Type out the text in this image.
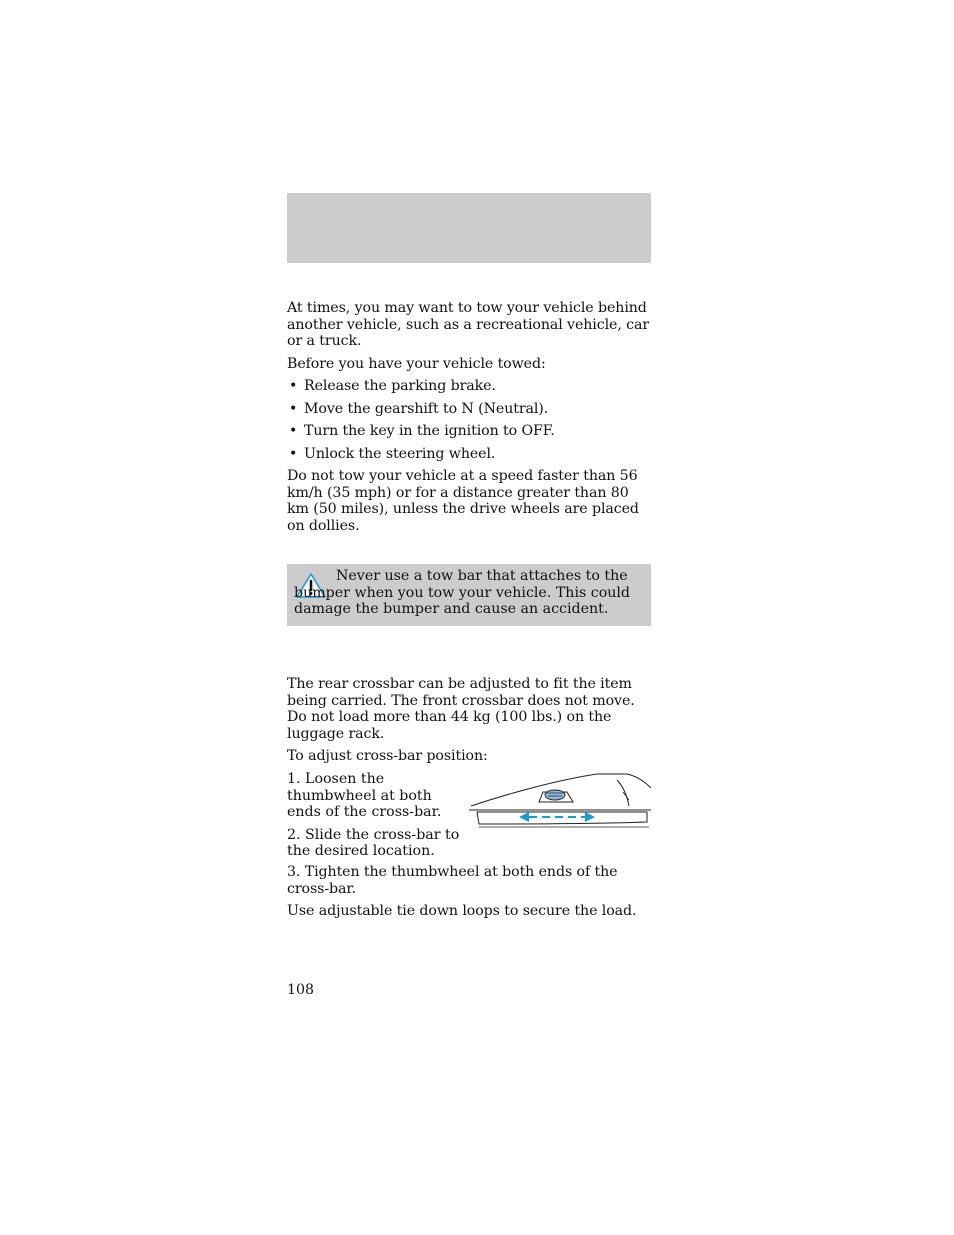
At times, you may want to tow your vehicle behind another vehicle, such as a recreational vehicle, car or a truck.

Before you have your vehicle towed:

• Release the parking brake.
• Move the gearshift to N (Neutral).
• Turn the key in the ignition to OFF.
• Unlock the steering wheel.

Do not tow your vehicle at a speed faster than 56 km/h (35 mph) or for a distance greater than 80 km (50 miles), unless the drive wheels are placed on dollies.

Never use a tow bar that attaches to the bumper when you tow your vehicle. This could damage the bumper and cause an accident.

The rear crossbar can be adjusted to fit the item being carried. The front crossbar does not move. Do not load more than 44 kg (100 lbs.) on the luggage rack.

To adjust cross-bar position:

1. Loosen the thumbwheel at both ends of the cross-bar.

2. Slide the cross-bar to the desired location.

3. Tighten the thumbwheel at both ends of the cross-bar.

Use adjustable tie down loops to secure the load.

108
